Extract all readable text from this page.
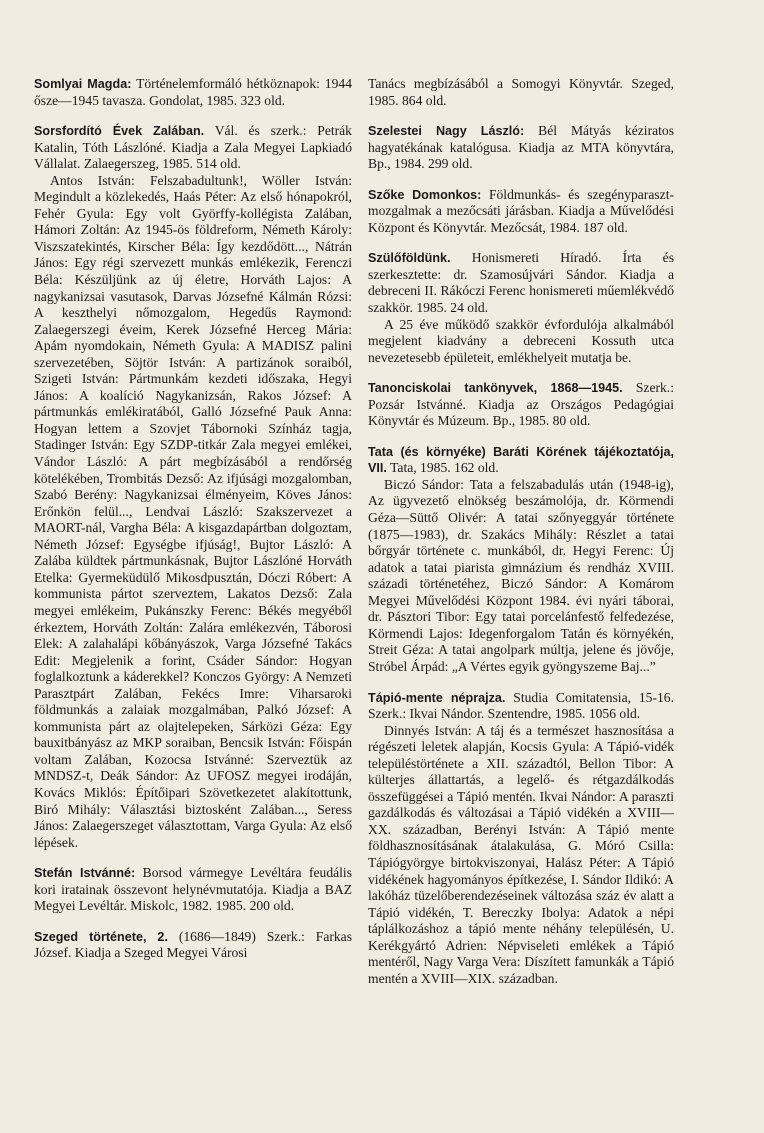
Somlyai Magda: Történelemformáló hétköznapok: 1944 ősze—1945 tavasza. Gondolat, 1985. 323 old.

Sorsfordító Évek Zalában. Vál. és szerk.: Petrák Katalin, Tóth Lászlóné. Kiadja a Zala Megyei Lapkiadó Vállalat. Zalaegerszeg, 1985. 514 old.

Antos István: Felszabadultunk!, Wöller István: Megindult a közlekedés, Haás Péter: Az első hónapokról, Fehér Gyula: Egy volt Györffy-kollégista Zalában, Hámori Zoltán: Az 1945-ös földreform, Németh Károly: Viszszatekintés, Kirscher Béla: Így kezdődött..., Nátrán János: Egy régi szervezett munkás emlékezik, Ferenczi Béla: Készüljünk az új életre, Horváth Lajos: A nagykanizsai vasutasok, Darvas Józsefné Kálmán Rózsi: A keszthelyi nőmozgalom, Hegedűs Raymond: Zalaegerszegi éveim, Kerek Józsefné Herceg Mária: Apám nyomdokain, Németh Gyula: A MADISZ palini szervezetében, Söjtör István: A partizánok soraiból, Szigeti István: Pártmunkám kezdeti időszaka, Hegyi János: A koalíció Nagykanizsán, Rakos József: A pártmunkás emlékiratából, Galló Józsefné Pauk Anna: Hogyan lettem a Szovjet Tábornoki Színház tagja, Stadinger István: Egy SZDP-titkár Zala megyei emlékei, Vándor László: A párt megbízásából a rendőrség kötelékében, Trombitás Dezső: Az ifjúsági mozgalomban, Szabó Berény: Nagykanizsai élményeim, Köves János: Erőnkön felül..., Lendvai László: Szakszervezet a MAORT-nál, Vargha Béla: A kisgazdapártban dolgoztam, Németh József: Egységbe ifjúság!, Bujtor László: A Zalába küldtek pártmunkásnak, Bujtor Lászlóné Horváth Etelka: Gyermeküdülő Mikosdpusztán, Dóczi Róbert: A kommunista pártot szerveztem, Lakatos Dezső: Zala megyei emlékeim, Pukánszky Ferenc: Békés megyéből érkeztem, Horváth Zoltán: Zalára emlékezvén, Táborosi Elek: A zalahalápi kőbányászok, Varga Józsefné Takács Edit: Megjelenik a forint, Csáder Sándor: Hogyan foglalkoztunk a káderekkel? Konczos György: A Nemzeti Parasztpárt Zalában, Fekécs Imre: Viharsaroki földmunkás a zalaiak mozgalmában, Palkó József: A kommunista párt az olajtelepeken, Sárközi Géza: Egy bauxitbányász az MKP soraiban, Bencsik István: Főispán voltam Zalában, Kozocsa Istvánné: Szerveztük az MNDSZ-t, Deák Sándor: Az UFOSZ megyei irodáján, Kovács Miklós: Építőipari Szövetkezetet alakítottunk, Biró Mihály: Választási biztosként Zalában..., Seress János: Zalaegerszeget választottam, Varga Gyula: Az első lépések.

Stefán Istvánné: Borsod vármegye Levéltára feudális kori iratainak összevont helynévmutatója. Kiadja a BAZ Megyei Levéltár. Miskolc, 1982. 1985. 200 old.

Szeged története, 2. (1686—1849) Szerk.: Farkas József. Kiadja a Szeged Megyei Városi

Tanács megbízásából a Somogyi Könyvtár. Szeged, 1985. 864 old.

Szelestei Nagy László: Bél Mátyás kéziratos hagyatékának katalógusa. Kiadja az MTA könyvtára, Bp., 1984. 299 old.

Szőke Domonkos: Földmunkás- és szegényparaszt-mozgalmak a mezőcsáti járásban. Kiadja a Művelődési Központ és Könyvtár. Mezőcsát, 1984. 187 old.

Szülőföldünk. Honismereti Híradó. Írta és szerkesztette: dr. Szamosújvári Sándor. Kiadja a debreceni II. Rákóczi Ferenc honismereti műemlékvédő szakkör. 1985. 24 old.

A 25 éve működő szakkör évfordulója alkalmából megjelent kiadvány a debreceni Kossuth utca nevezetesebb épületeit, emlékhelyeit mutatja be.

Tanonciskolai tankönyvek, 1868—1945. Szerk.: Pozsár Istvánné. Kiadja az Országos Pedagógiai Könyvtár és Múzeum. Bp., 1985. 80 old.

Tata (és környéke) Baráti Körének tájékoztatója, VII. Tata, 1985. 162 old.

Biczó Sándor: Tata a felszabadulás után (1948-ig), Az ügyvezető elnökség beszámolója, dr. Körmendi Géza—Süttő Olivér: A tatai szőnyeggyár története (1875—1983), dr. Szakács Mihály: Részlet a tatai bőrgyár története c. munkából, dr. Hegyi Ferenc: Új adatok a tatai piarista gimnázium és rendház XVIII. századi történetéhez, Biczó Sándor: A Komárom Megyei Művelődési Központ 1984. évi nyári táborai, dr. Pásztori Tibor: Egy tatai porcelánfestő felfedezése, Körmendi Lajos: Idegenforgalom Tatán és környékén, Streit Géza: A tatai angolpark múltja, jelene és jövője, Stróbel Árpád: „A Vértes egyik gyöngyszeme Baj...”

Tápió-mente néprajza. Studia Comitatensia, 15-16. Szerk.: Ikvai Nándor. Szentendre, 1985. 1056 old.

Dinnyés István: A táj és a természet hasznosítása a régészeti leletek alapján, Kocsis Gyula: A Tápió-vidék településtörténete a XII. századtól, Bellon Tibor: A külterjes állattartás, a legelő- és rétgazdálkodás összefüggései a Tápió mentén. Ikvai Nándor: A paraszti gazdálkodás és változásai a Tápió vidékén a XVIII—XX. században, Berényi István: A Tápió mente földhasznosításának átalakulása, G. Móró Csilla: Tápiógyörgye birtokviszonyai, Halász Péter: A Tápió vidékének hagyományos építkezése, I. Sándor Ildikó: A lakóház tüzelőberendezéseinek változása száz év alatt a Tápió vidékén, T. Bereczky Ibolya: Adatok a népi táplálkozáshoz a tápió mente néhány településén, U. Kerékgyártó Adrien: Népviseleti emlékek a Tápió mentéről, Nagy Varga Vera: Díszített famunkák a Tápió mentén a XVIII—XIX. században.
